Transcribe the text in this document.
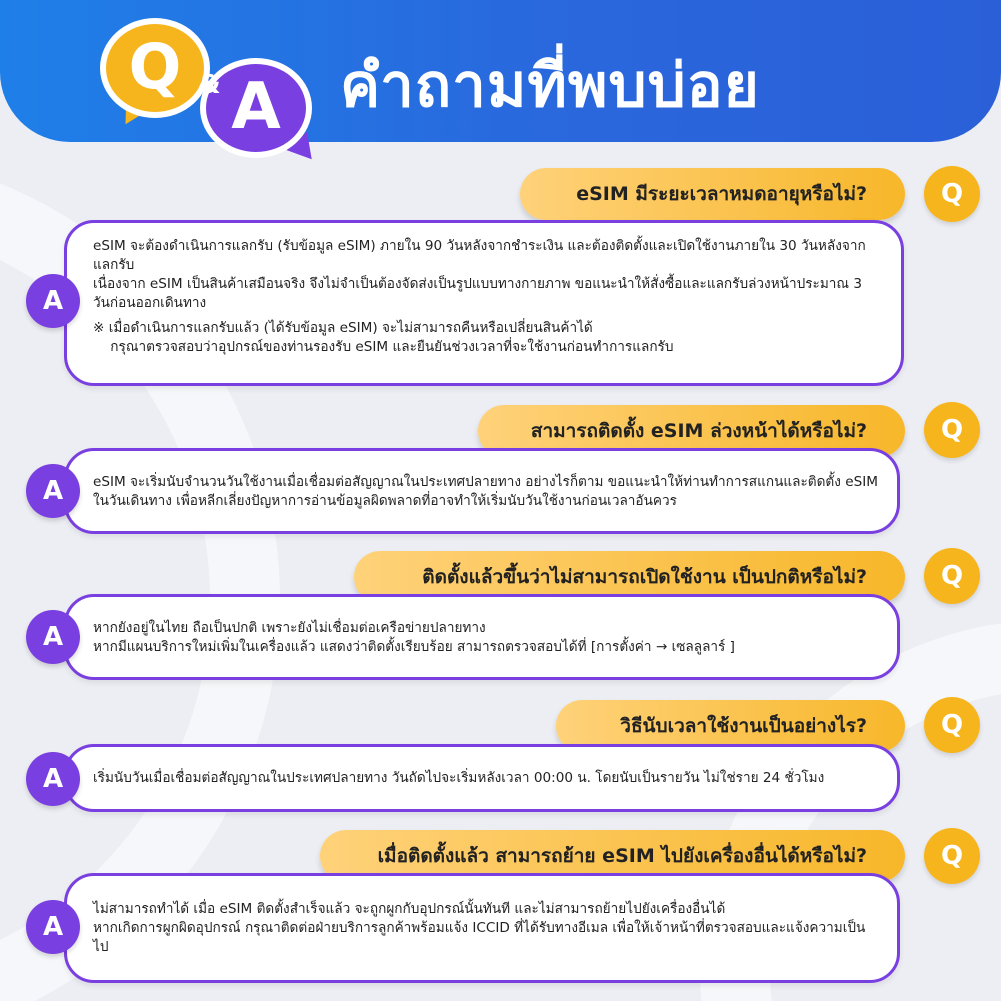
Q
A
& คำถามที่พบบ่อย
eSIM มีระยะเวลาหมดอายุหรือไม่?	Q

eSIM จะต้องดำเนินการแลกรับ (รับข้อมูล eSIM) ภายใน 90 วันหลังจากชำระเงิน และต้องติดตั้งและเปิดใช้งานภายใน 30 วันหลังจากแลกรับ
เนื่องจาก eSIM เป็นสินค้าเสมือนจริง จึงไม่จำเป็นต้องจัดส่งเป็นรูปแบบทางกายภาพ ขอแนะนำให้สั่งซื้อและแลกรับล่วงหน้าประมาณ 3 วันก่อนออกเดินทาง

※ เมื่อดำเนินการแลกรับแล้ว (ได้รับข้อมูล eSIM) จะไม่สามารถคืนหรือเปลี่ยนสินค้าได้
กรุณาตรวจสอบว่าอุปกรณ์ของท่านรองรับ eSIM และยืนยันช่วงเวลาที่จะใช้งานก่อนทำการแลกรับ

A
สามารถติดตั้ง eSIM ล่วงหน้าได้หรือไม่?	Q

eSIM จะเริ่มนับจำนวนวันใช้งานเมื่อเชื่อมต่อสัญญาณในประเทศปลายทาง อย่างไรก็ตาม ขอแนะนำให้ท่านทำการสแกนและติดตั้ง eSIM ในวันเดินทาง เพื่อหลีกเลี่ยงปัญหาการอ่านข้อมูลผิดพลาดที่อาจทำให้เริ่มนับวันใช้งานก่อนเวลาอันควร

A
ติดตั้งแล้วขึ้นว่าไม่สามารถเปิดใช้งาน เป็นปกติหรือไม่?	Q

หากยังอยู่ในไทย ถือเป็นปกติ เพราะยังไม่เชื่อมต่อเครือข่ายปลายทาง
หากมีแผนบริการใหม่เพิ่มในเครื่องแล้ว แสดงว่าติดตั้งเรียบร้อย สามารถตรวจสอบได้ที่ [การตั้งค่า → เซลลูลาร์ ]

A
วิธีนับเวลาใช้งานเป็นอย่างไร?	Q

เริ่มนับวันเมื่อเชื่อมต่อสัญญาณในประเทศปลายทาง วันถัดไปจะเริ่มหลังเวลา 00:00 น. โดยนับเป็นรายวัน ไม่ใช่ราย 24 ชั่วโมง

A
เมื่อติดตั้งแล้ว สามารถย้าย eSIM ไปยังเครื่องอื่นได้หรือไม่?	Q

ไม่สามารถทำได้ เมื่อ eSIM ติดตั้งสำเร็จแล้ว จะถูกผูกกับอุปกรณ์นั้นทันที และไม่สามารถย้ายไปยังเครื่องอื่นได้
หากเกิดการผูกผิดอุปกรณ์ กรุณาติดต่อฝ่ายบริการลูกค้าพร้อมแจ้ง ICCID ที่ได้รับทางอีเมล เพื่อให้เจ้าหน้าที่ตรวจสอบและแจ้งความเป็นไป

A
